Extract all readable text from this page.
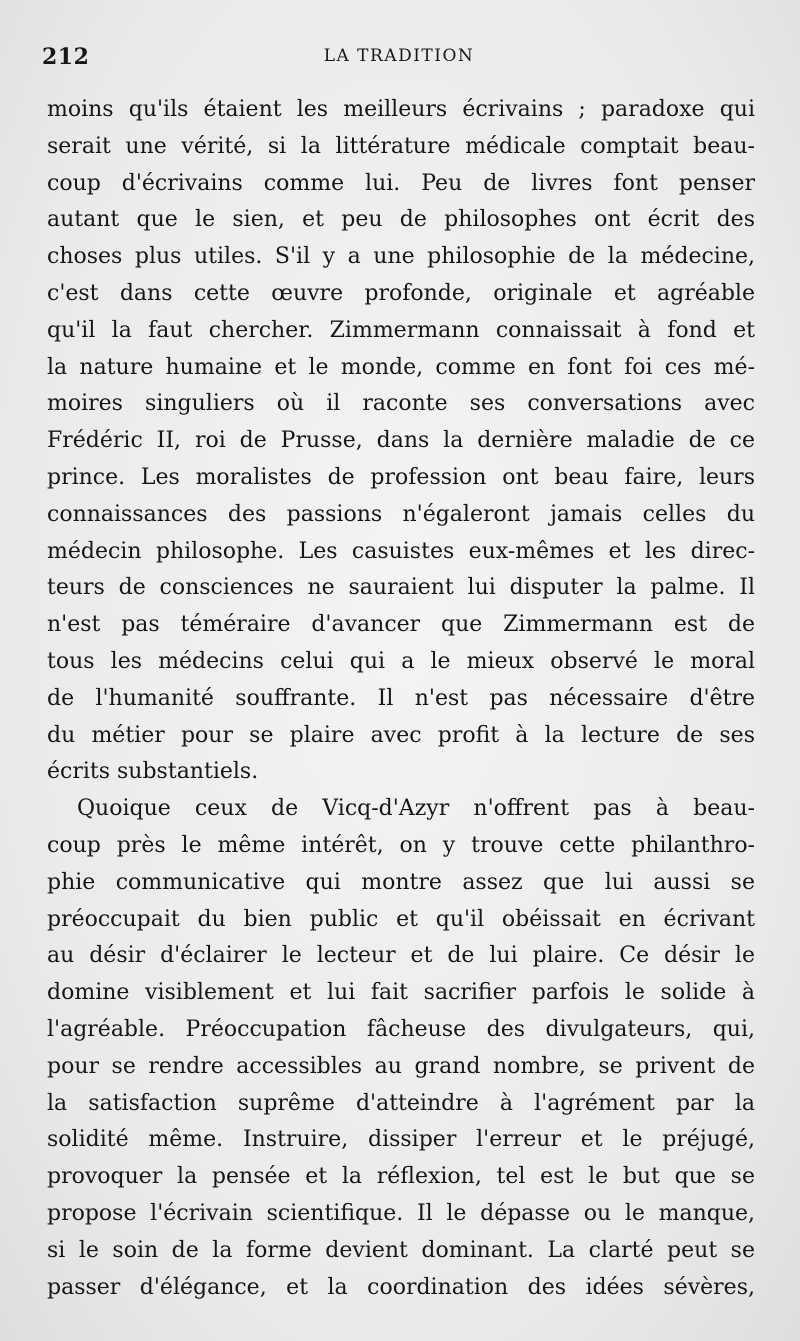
212	LA TRADITION
moins qu'ils étaient les meilleurs écrivains ; paradoxe qui
serait une vérité, si la littérature médicale comptait beau-
coup d'écrivains comme lui. Peu de livres font penser
autant que le sien, et peu de philosophes ont écrit des
choses plus utiles. S'il y a une philosophie de la médecine,
c'est dans cette œuvre profonde, originale et agréable
qu'il la faut chercher. Zimmermann connaissait à fond et
la nature humaine et le monde, comme en font foi ces mé-
moires singuliers où il raconte ses conversations avec
Frédéric II, roi de Prusse, dans la dernière maladie de ce
prince. Les moralistes de profession ont beau faire, leurs
connaissances des passions n'égaleront jamais celles du
médecin philosophe. Les casuistes eux-mêmes et les direc-
teurs de consciences ne sauraient lui disputer la palme. Il
n'est pas téméraire d'avancer que Zimmermann est de
tous les médecins celui qui a le mieux observé le moral
de l'humanité souffrante. Il n'est pas nécessaire d'être
du métier pour se plaire avec profit à la lecture de ses
écrits substantiels.
Quoique ceux de Vicq-d'Azyr n'offrent pas à beau-
coup près le même intérêt, on y trouve cette philanthro-
phie communicative qui montre assez que lui aussi se
préoccupait du bien public et qu'il obéissait en écrivant
au désir d'éclairer le lecteur et de lui plaire. Ce désir le
domine visiblement et lui fait sacrifier parfois le solide à
l'agréable. Préoccupation fâcheuse des divulgateurs, qui,
pour se rendre accessibles au grand nombre, se privent de
la satisfaction suprême d'atteindre à l'agrément par la
solidité même. Instruire, dissiper l'erreur et le préjugé,
provoquer la pensée et la réflexion, tel est le but que se
propose l'écrivain scientifique. Il le dépasse ou le manque,
si le soin de la forme devient dominant. La clarté peut se
passer d'élégance, et la coordination des idées sévères,
